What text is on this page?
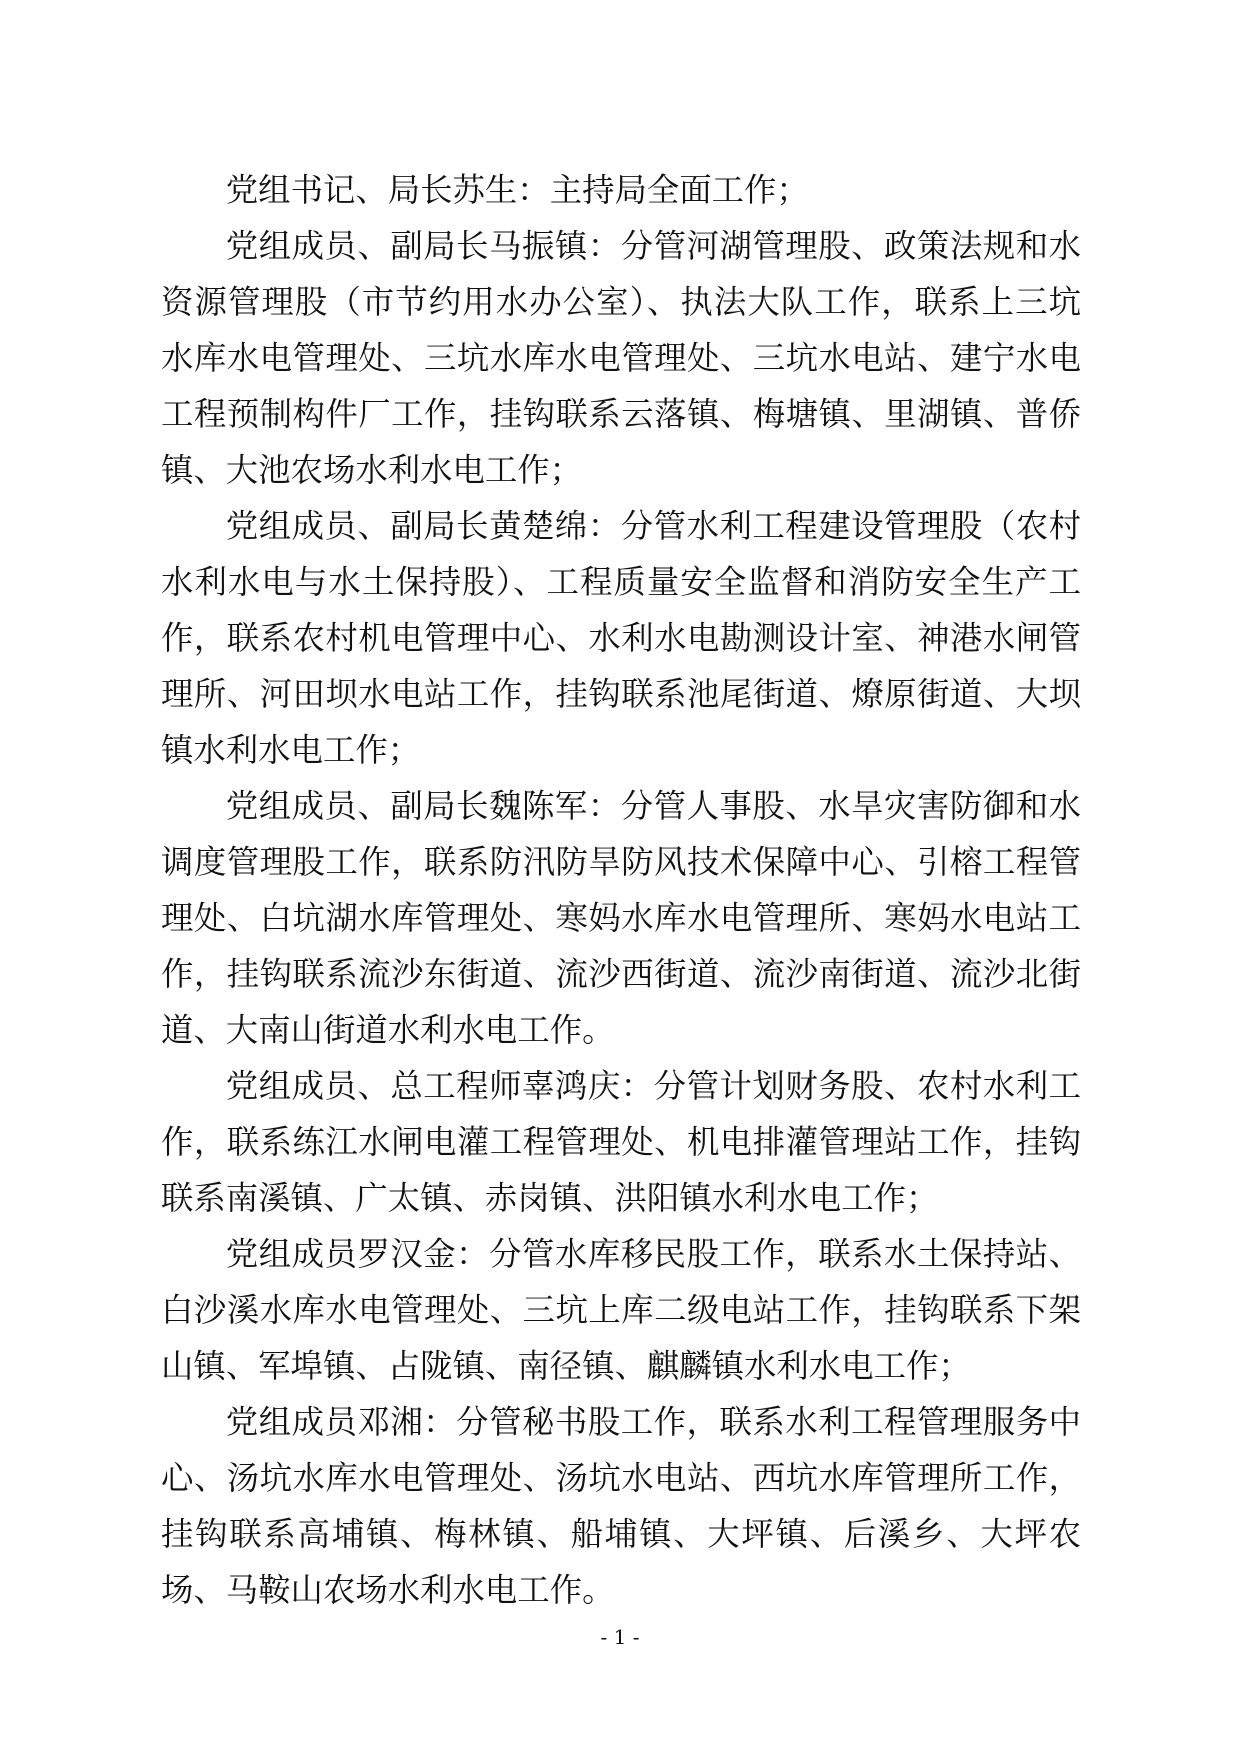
党组书记、局长苏生：主持局全面工作；

党组成员、副局长马振镇：分管河湖管理股、政策法规和水资源管理股（市节约用水办公室）、执法大队工作，联系上三坑水库水电管理处、三坑水库水电管理处、三坑水电站、建宁水电工程预制构件厂工作，挂钩联系云落镇、梅塘镇、里湖镇、普侨镇、大池农场水利水电工作；

党组成员、副局长黄楚绵：分管水利工程建设管理股（农村水利水电与水土保持股）、工程质量安全监督和消防安全生产工作，联系农村机电管理中心、水利水电勘测设计室、神港水闸管理所、河田坝水电站工作，挂钩联系池尾街道、燎原街道、大坝镇水利水电工作；

党组成员、副局长魏陈军：分管人事股、水旱灾害防御和水调度管理股工作，联系防汛防旱防风技术保障中心、引榕工程管理处、白坑湖水库管理处、寒妈水库水电管理所、寒妈水电站工作，挂钩联系流沙东街道、流沙西街道、流沙南街道、流沙北街道、大南山街道水利水电工作。

党组成员、总工程师辜鸿庆：分管计划财务股、农村水利工作，联系练江水闸电灌工程管理处、机电排灌管理站工作，挂钩联系南溪镇、广太镇、赤岗镇、洪阳镇水利水电工作；

党组成员罗汉金：分管水库移民股工作，联系水土保持站、白沙溪水库水电管理处、三坑上库二级电站工作，挂钩联系下架山镇、军埠镇、占陇镇、南径镇、麒麟镇水利水电工作；

党组成员邓湘：分管秘书股工作，联系水利工程管理服务中心、汤坑水库水电管理处、汤坑水电站、西坑水库管理所工作，挂钩联系高埔镇、梅林镇、船埔镇、大坪镇、后溪乡、大坪农场、马鞍山农场水利水电工作。

- 1 -
